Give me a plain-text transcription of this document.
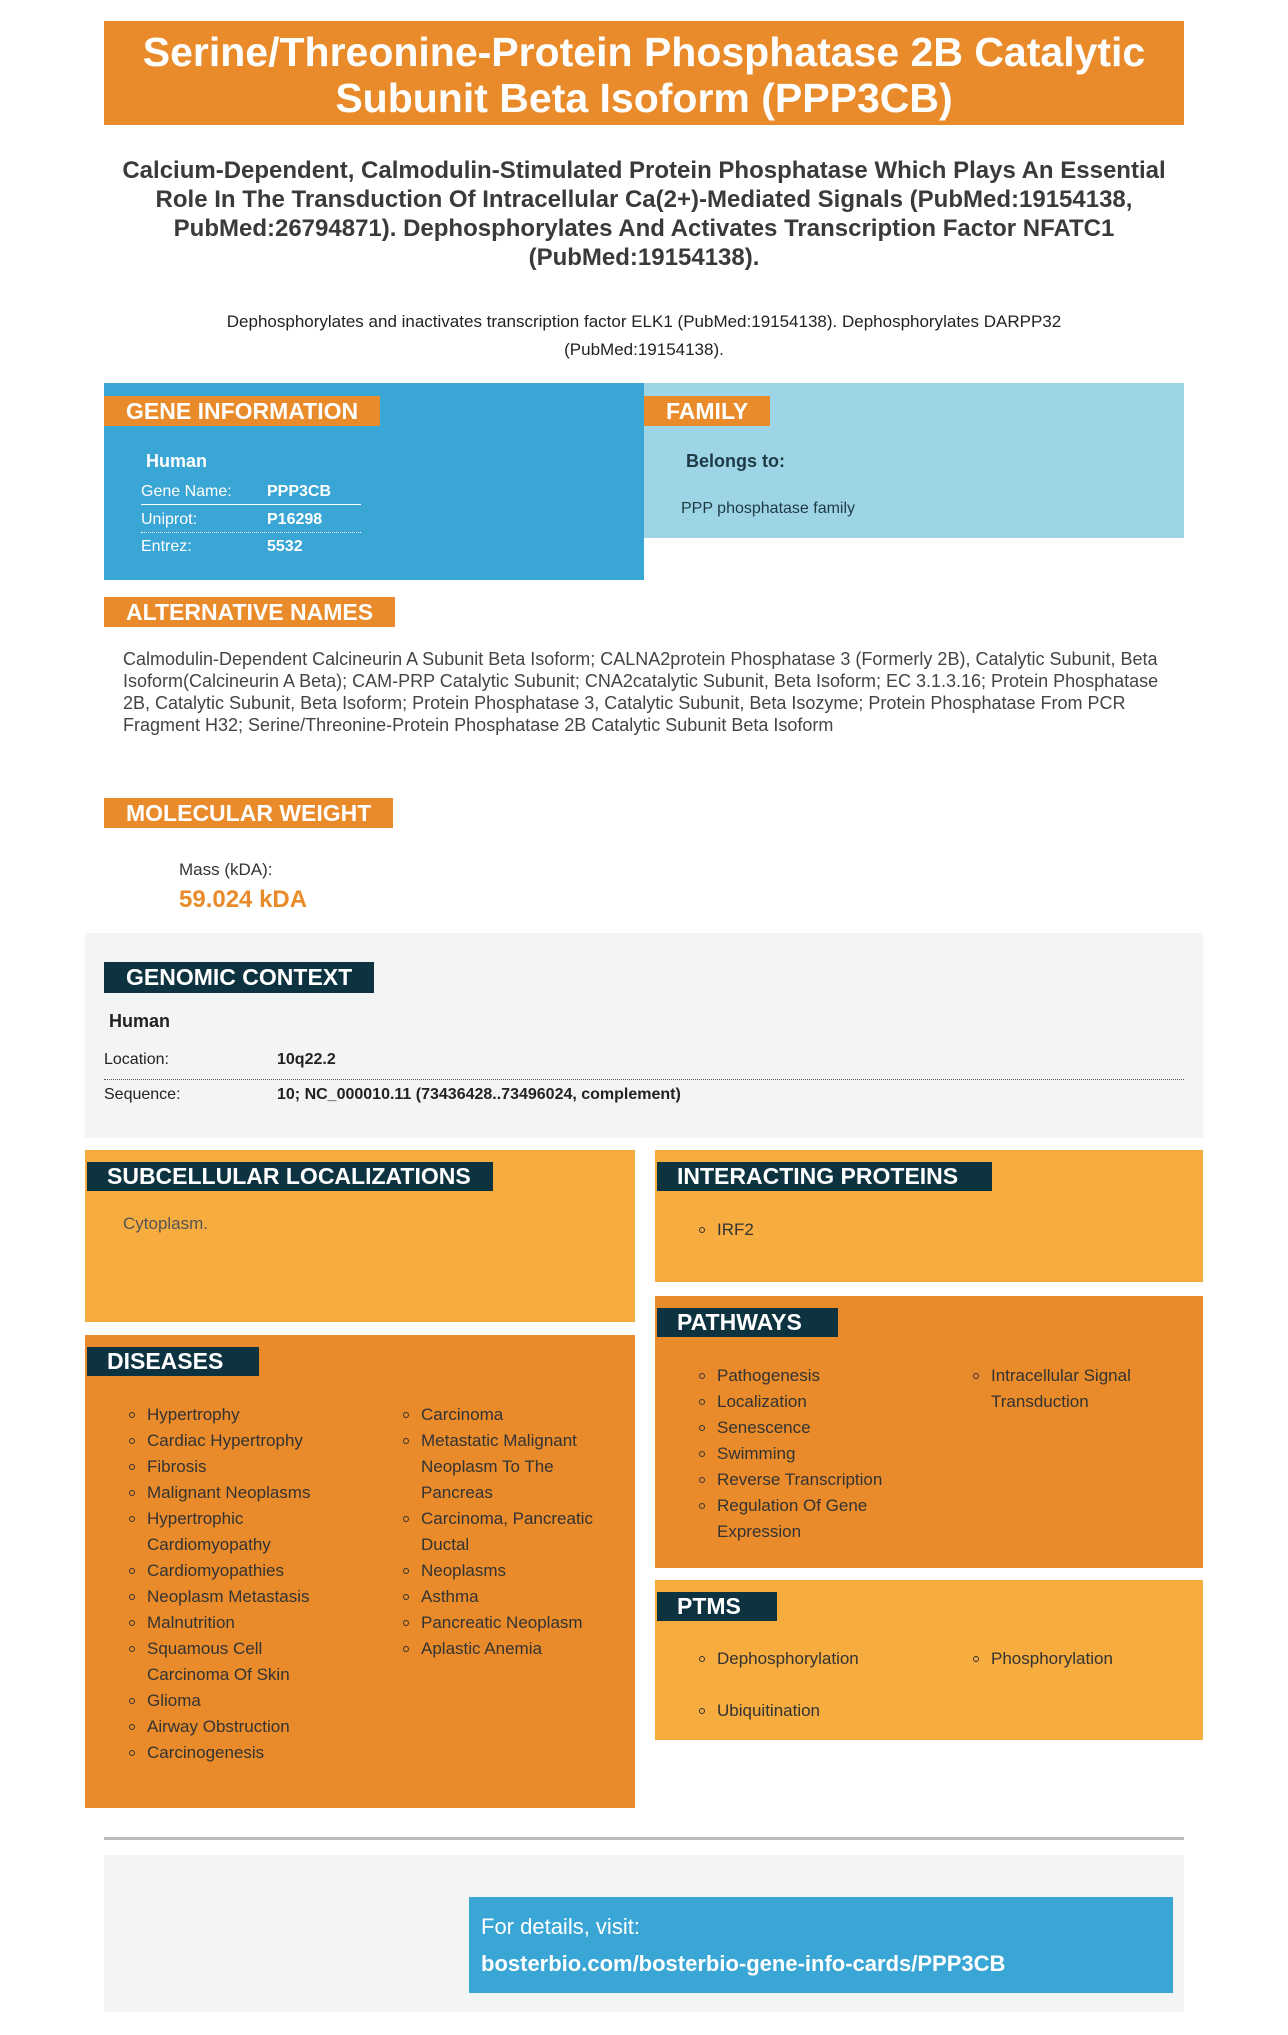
Serine/Threonine-Protein Phosphatase 2B Catalytic Subunit Beta Isoform (PPP3CB)
Calcium-Dependent, Calmodulin-Stimulated Protein Phosphatase Which Plays An Essential Role In The Transduction Of Intracellular Ca(2+)-Mediated Signals (PubMed:19154138, PubMed:26794871). Dephosphorylates And Activates Transcription Factor NFATC1 (PubMed:19154138).
Dephosphorylates and inactivates transcription factor ELK1 (PubMed:19154138). Dephosphorylates DARPP32 (PubMed:19154138).
GENE INFORMATION
Human
Gene Name: PPP3CB
Uniprot:	P16298
Entrez:	5532
FAMILY
Belongs to:
PPP phosphatase family
ALTERNATIVE NAMES
Calmodulin-Dependent Calcineurin A Subunit Beta Isoform; CALNA2protein Phosphatase 3 (Formerly 2B), Catalytic Subunit, Beta Isoform(Calcineurin A Beta); CAM-PRP Catalytic Subunit; CNA2catalytic Subunit, Beta Isoform; EC 3.1.3.16; Protein Phosphatase 2B, Catalytic Subunit, Beta Isoform; Protein Phosphatase 3, Catalytic Subunit, Beta Isozyme; Protein Phosphatase From PCR Fragment H32; Serine/Threonine-Protein Phosphatase 2B Catalytic Subunit Beta Isoform
MOLECULAR WEIGHT
Mass (kDA):
59.024 kDA
GENOMIC CONTEXT
Human
Location:	10q22.2
Sequence:	10; NC_000010.11 (73436428..73496024, complement)
SUBCELLULAR LOCALIZATIONS
Cytoplasm.
INTERACTING PROTEINS
IRF2
DISEASES
Hypertrophy
Cardiac Hypertrophy
Fibrosis
Malignant Neoplasms
Hypertrophic Cardiomyopathy
Cardiomyopathies
Neoplasm Metastasis
Malnutrition
Squamous Cell Carcinoma Of Skin
Glioma
Airway Obstruction
Carcinogenesis
Carcinoma
Metastatic Malignant Neoplasm To The Pancreas
Carcinoma, Pancreatic Ductal
Neoplasms
Asthma
Pancreatic Neoplasm
Aplastic Anemia
PATHWAYS
Pathogenesis
Localization
Senescence
Swimming
Reverse Transcription
Regulation Of Gene Expression
Intracellular Signal Transduction
PTMS
Dephosphorylation
Ubiquitination
Phosphorylation
For details, visit:
bosterbio.com/bosterbio-gene-info-cards/PPP3CB
